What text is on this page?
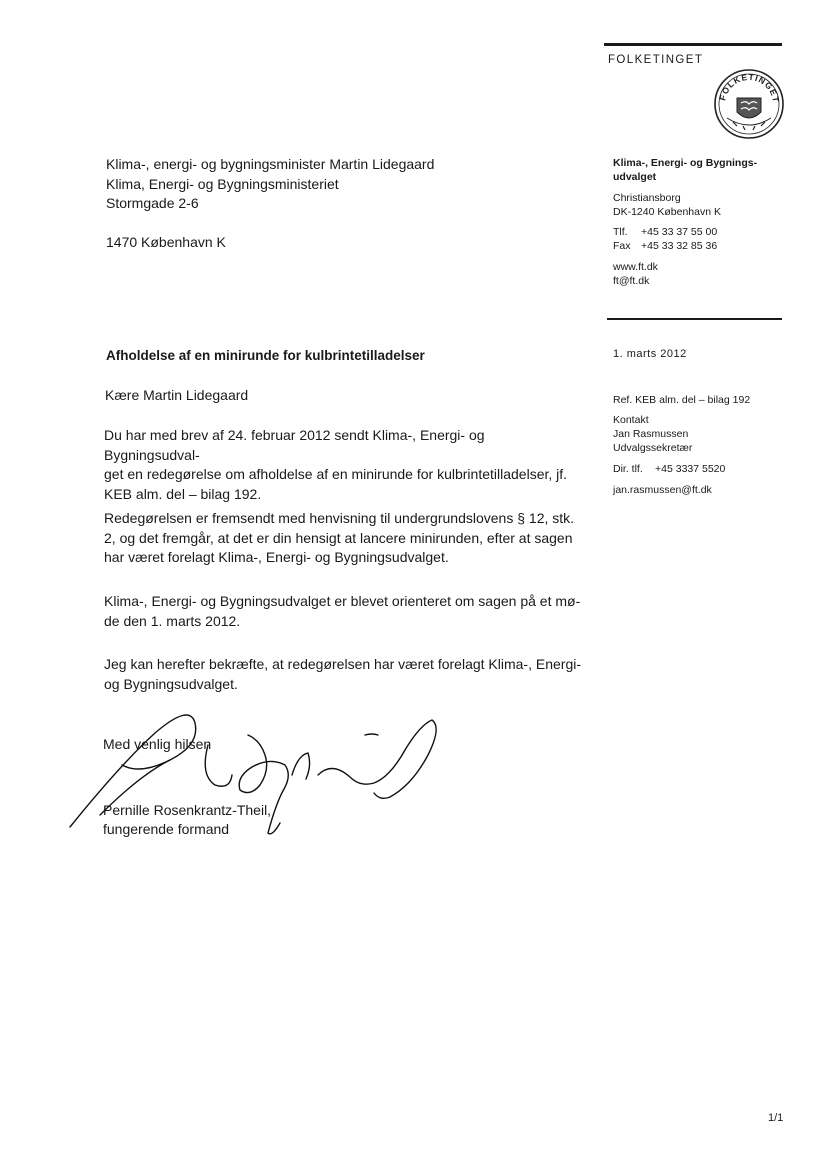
FOLKETINGET
FOLKETINGET
Klima-, Energi- og Bygnings-udvalget
Christiansborg
DK-1240 København K
Tlf. +45 33 37 55 00
Fax +45 33 32 85 36
www.ft.dk
ft@ft.dk
1. marts 2012
Ref. KEB alm. del – bilag 192
Kontakt
Jan Rasmussen
Udvalgssekretær
Dir. tlf. +45 3337 5520
jan.rasmussen@ft.dk
Klima-, energi- og bygningsminister Martin Lidegaard
Klima, Energi- og Bygningsministeriet
Stormgade 2-6
1470 København K
Afholdelse af en minirunde for kulbrintetilladelser
Kære Martin Lidegaard
Du har med brev af 24. februar 2012 sendt Klima-, Energi- og Bygningsudval-
get en redegørelse om afholdelse af en minirunde for kulbrintetilladelser, jf.
KEB alm. del – bilag 192.
Redegørelsen er fremsendt med henvisning til undergrundslovens § 12, stk.
2, og det fremgår, at det er din hensigt at lancere minirunden, efter at sagen
har været forelagt Klima-, Energi- og Bygningsudvalget.
Klima-, Energi- og Bygningsudvalget er blevet orienteret om sagen på et mø-
de den 1. marts 2012.
Jeg kan herefter bekræfte, at redegørelsen har været forelagt Klima-, Energi-
og Bygningsudvalget.
Med venlig hilsen
Pernille Rosenkrantz-Theil,
fungerende formand
1/1
